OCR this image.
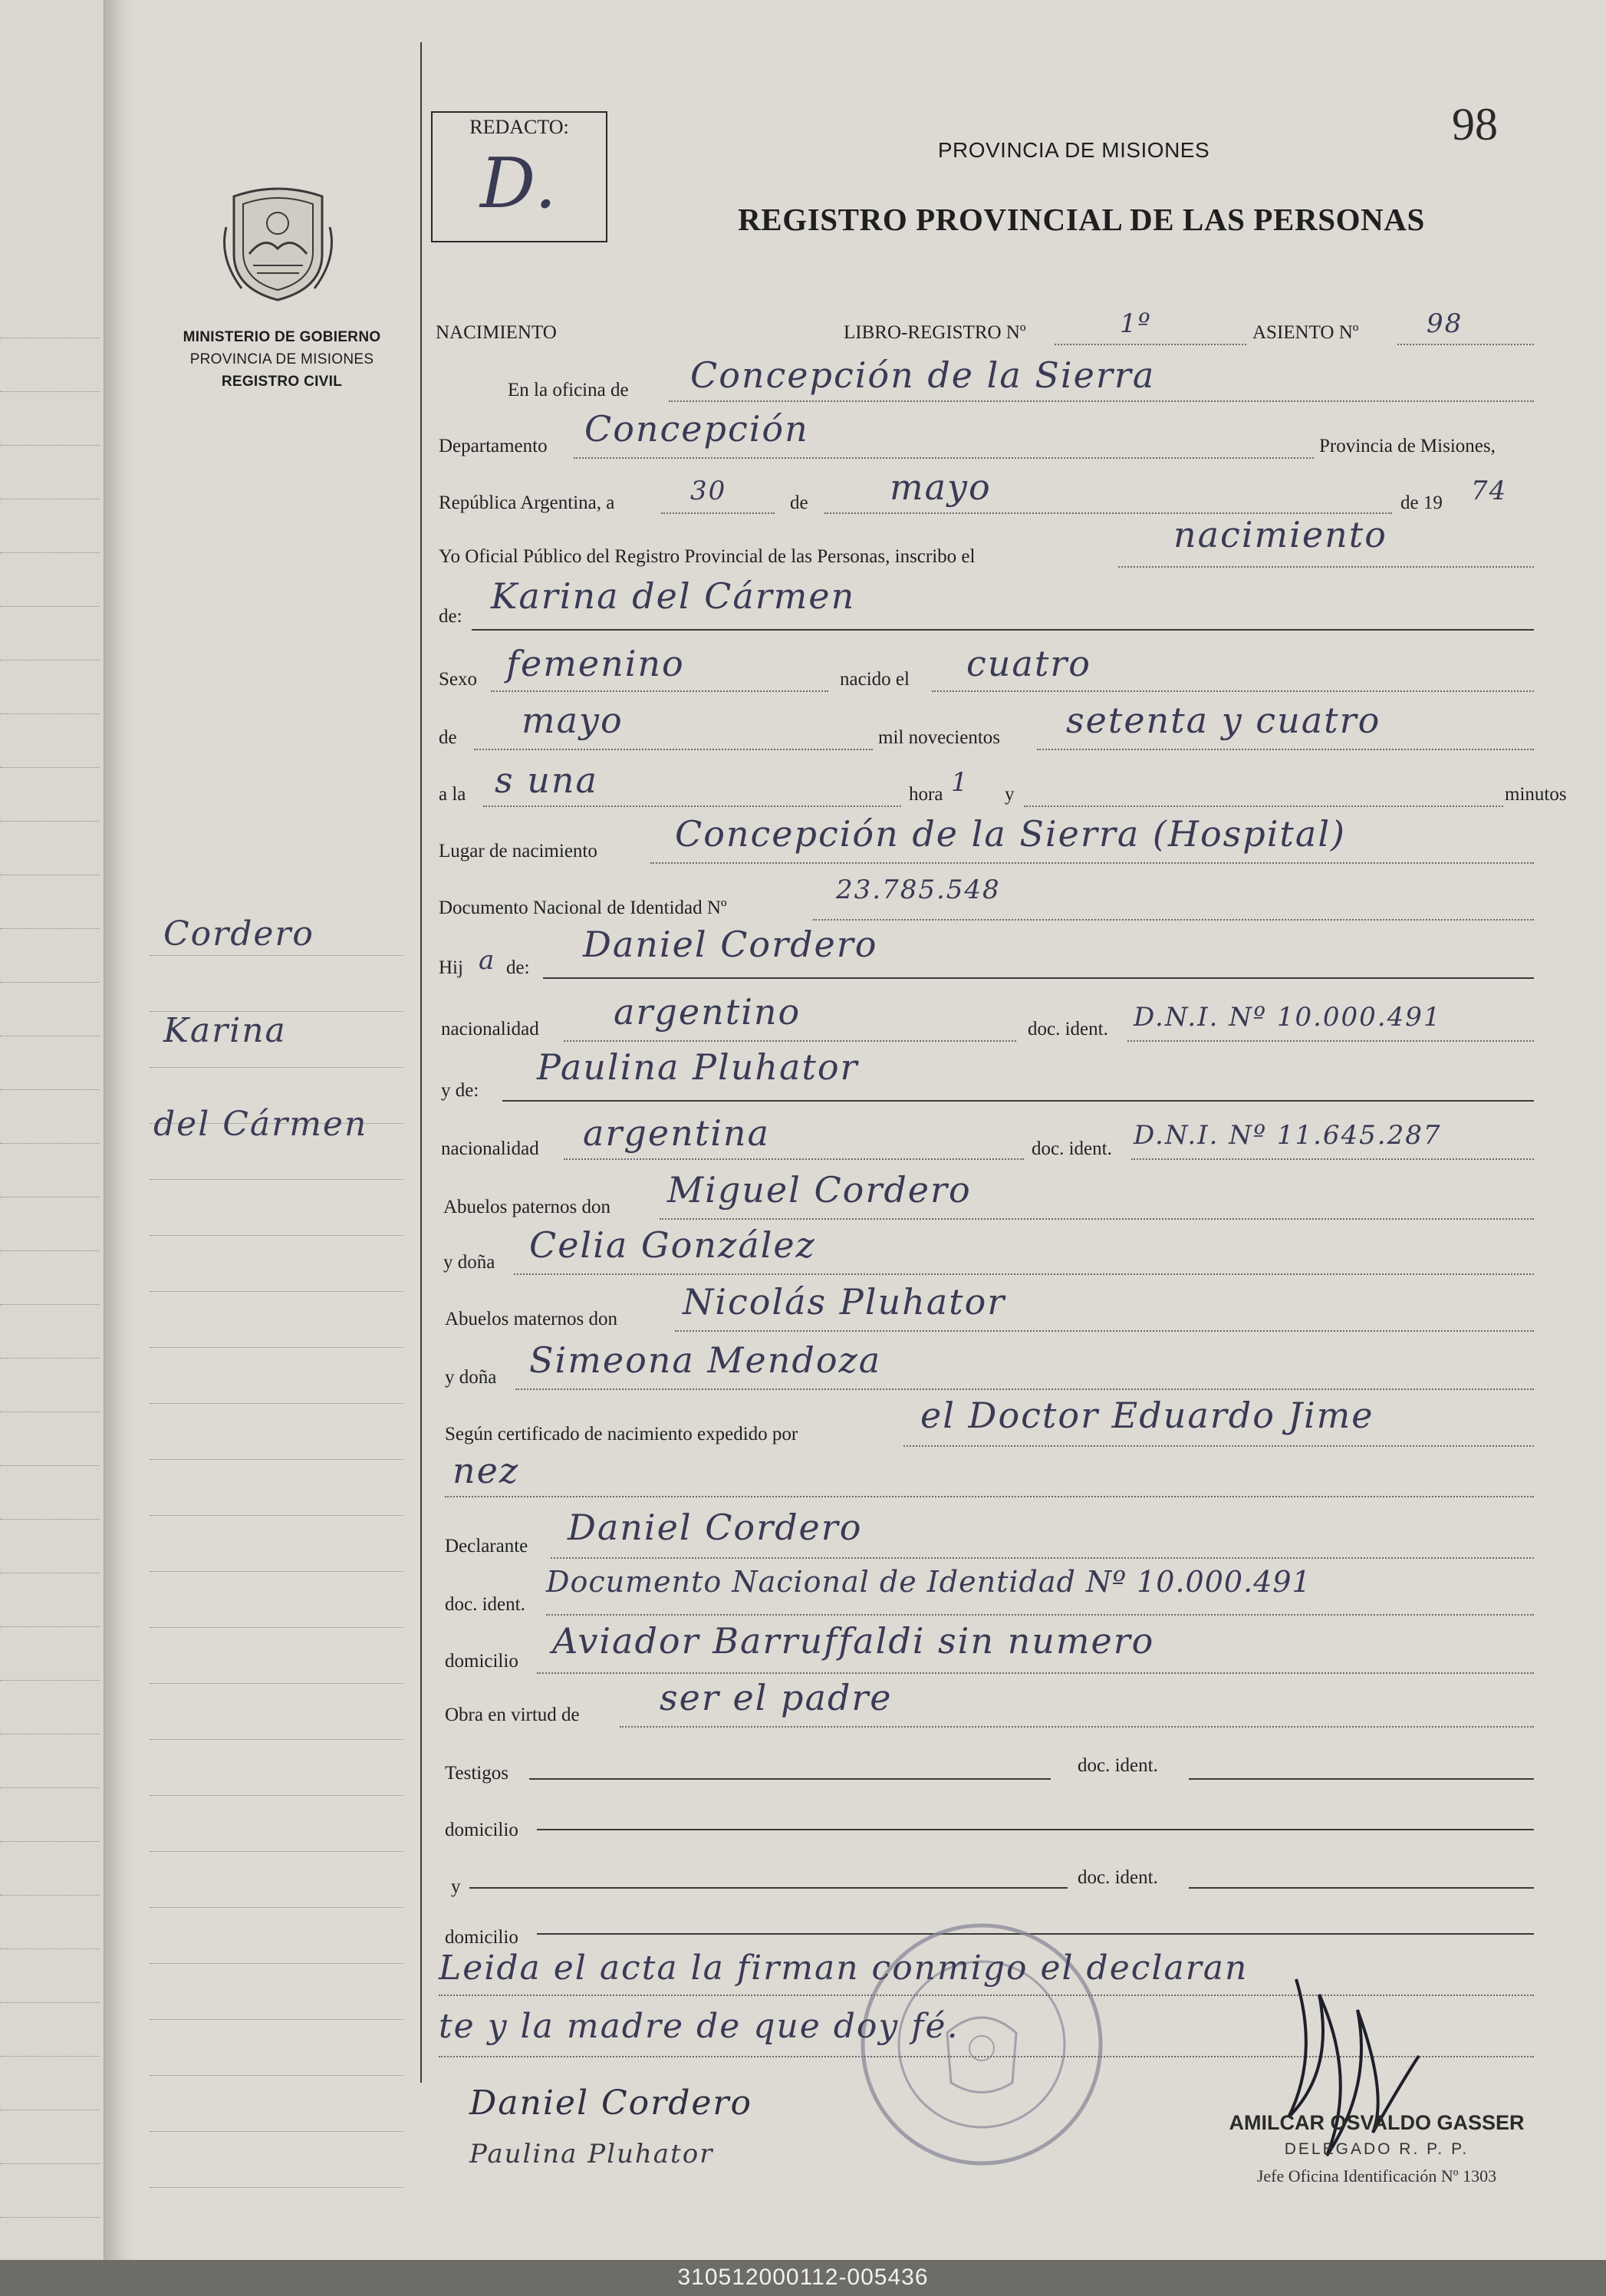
MINISTERIO DE GOBIERNO
PROVINCIA DE MISIONES
REGISTRO CIVIL
Cordero
Karina
del Cármen
REDACTO:
D.
98
PROVINCIA DE MISIONES
REGISTRO PROVINCIAL DE LAS PERSONAS
NACIMIENTO	LIBRO-REGISTRO Nº	1º	ASIENTO Nº	98
En la oficina de Concepción de la Sierra
Departamento Concepción	Provincia de Misiones,
República Argentina, a	30	de mayo	de 19 74
Yo Oficial Público del Registro Provincial de las Personas, inscribo el
nacimiento
de: Karina del Cármen
Sexo femenino	nacido el cuatro
de mayo	mil novecientos setenta y cuatro
a la s una	hora 1 y	minutos
Lugar de nacimiento Concepción de la Sierra (Hospital)
Documento Nacional de Identidad Nº
23.785.548
Hij a de:
Daniel Cordero
nacionalidad argentino	doc. ident. D.N.I. Nº 10.000.491
y de:
Paulina Pluhator
nacionalidad argentina	doc. ident. D.N.I. Nº 11.645.287
Abuelos paternos don Miguel Cordero
y doña Celia González
Abuelos maternos don Nicolás Pluhator
y doña Simeona Mendoza
Según certificado de nacimiento expedido por	el Doctor Eduardo Jime
nez
Declarante Daniel Cordero
doc. ident.
Documento Nacional de Identidad Nº 10.000.491
domicilio Aviador Barruffaldi sin numero
Obra en virtud de ser el padre
Testigos	doc. ident.
domicilio
y	doc. ident.
domicilio
Leida el acta la firman conmigo el declaran
te y la madre de que doy fé.
Daniel Cordero
Paulina Pluhator
AMILCAR OSVALDO GASSER
DELEGADO R. P. P.
Jefe Oficina Identificación Nº 1303
310512000112-005436
